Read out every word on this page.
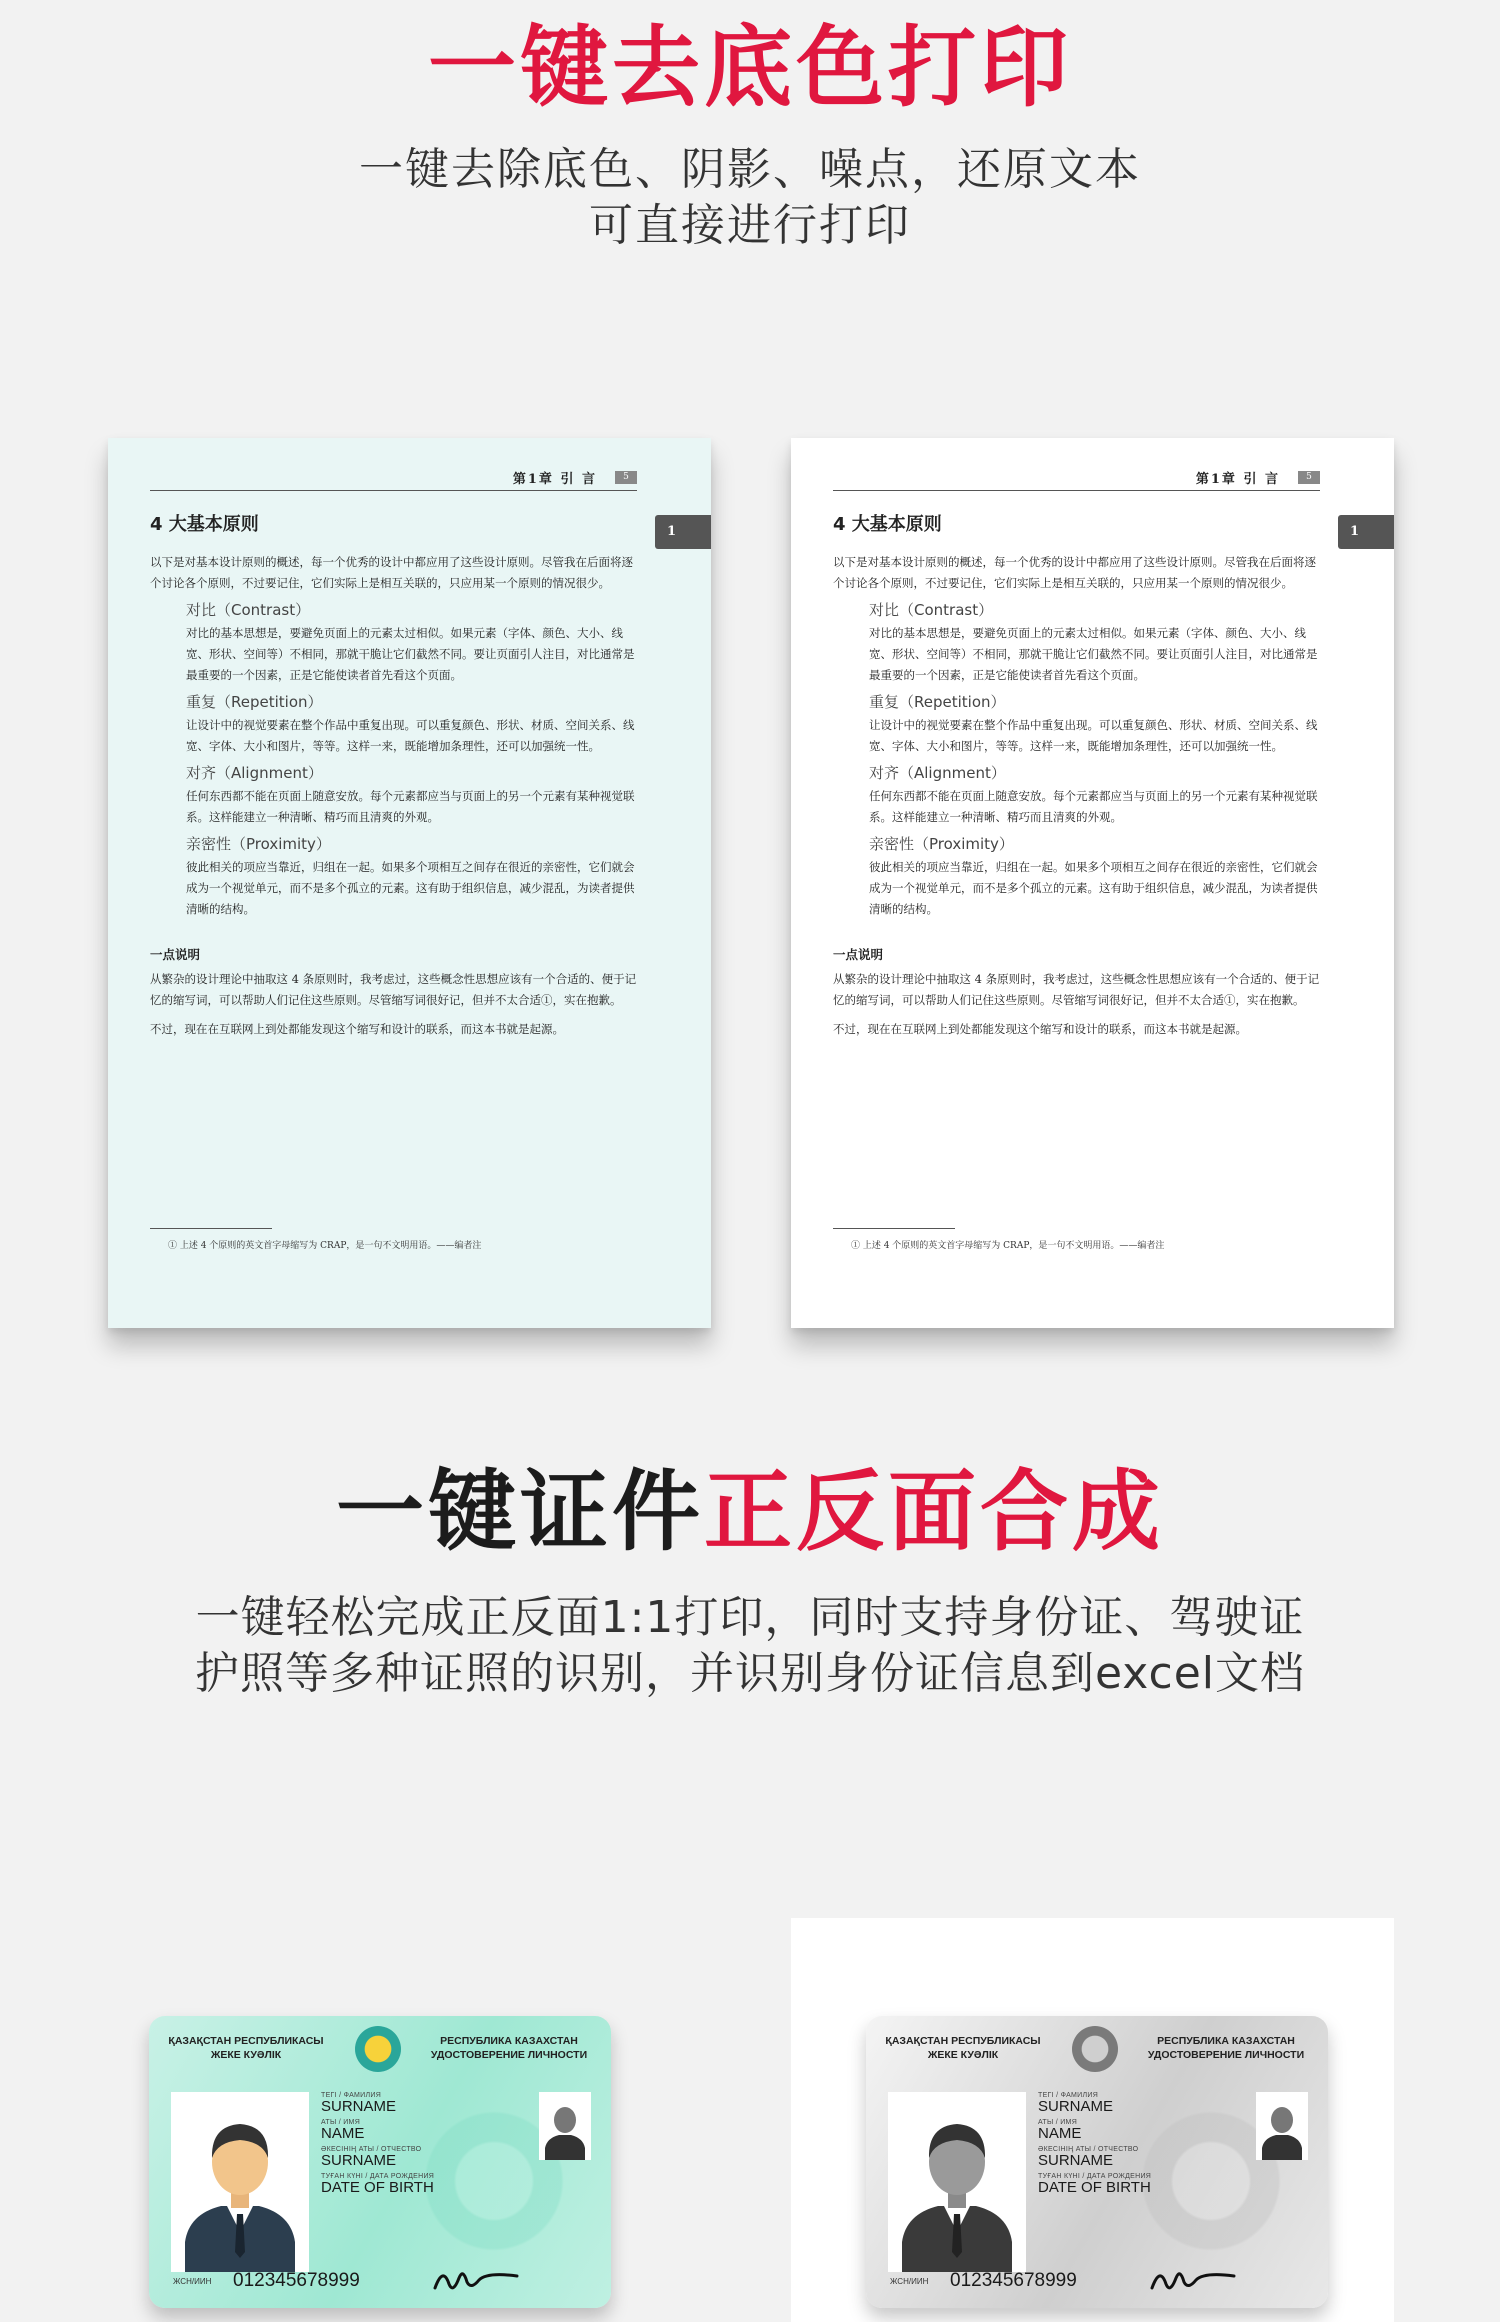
一键去底色打印
一键去除底色、阴影、噪点，还原文本
可直接进行打印
第1章 引 言	5
1
4 大基本原则

以下是对基本设计原则的概述，每一个优秀的设计中都应用了这些设计原则。尽管我在后面将逐个讨论各个原则，不过要记住，它们实际上是相互关联的，只应用某一个原则的情况很少。

对比（Contrast）

对比的基本思想是，要避免页面上的元素太过相似。如果元素（字体、颜色、大小、线宽、形状、空间等）不相同，那就干脆让它们截然不同。要让页面引人注目，对比通常是最重要的一个因素，正是它能使读者首先看这个页面。

重复（Repetition）

让设计中的视觉要素在整个作品中重复出现。可以重复颜色、形状、材质、空间关系、线宽、字体、大小和图片，等等。这样一来，既能增加条理性，还可以加强统一性。

对齐（Alignment）

任何东西都不能在页面上随意安放。每个元素都应当与页面上的另一个元素有某种视觉联系。这样能建立一种清晰、精巧而且清爽的外观。

亲密性（Proximity）

彼此相关的项应当靠近，归组在一起。如果多个项相互之间存在很近的亲密性，它们就会成为一个视觉单元，而不是多个孤立的元素。这有助于组织信息，减少混乱，为读者提供清晰的结构。

一点说明

从繁杂的设计理论中抽取这 4 条原则时，我考虑过，这些概念性思想应该有一个合适的、便于记忆的缩写词，可以帮助人们记住这些原则。尽管缩写词很好记，但并不太合适①，实在抱歉。

不过，现在在互联网上到处都能发现这个缩写和设计的联系，而这本书就是起源。

① 上述 4 个原则的英文首字母缩写为 CRAP，是一句不文明用语。——编者注
第1章 引 言	5
1
4 大基本原则

以下是对基本设计原则的概述，每一个优秀的设计中都应用了这些设计原则。尽管我在后面将逐个讨论各个原则，不过要记住，它们实际上是相互关联的，只应用某一个原则的情况很少。

对比（Contrast）

对比的基本思想是，要避免页面上的元素太过相似。如果元素（字体、颜色、大小、线宽、形状、空间等）不相同，那就干脆让它们截然不同。要让页面引人注目，对比通常是最重要的一个因素，正是它能使读者首先看这个页面。

重复（Repetition）

让设计中的视觉要素在整个作品中重复出现。可以重复颜色、形状、材质、空间关系、线宽、字体、大小和图片，等等。这样一来，既能增加条理性，还可以加强统一性。

对齐（Alignment）

任何东西都不能在页面上随意安放。每个元素都应当与页面上的另一个元素有某种视觉联系。这样能建立一种清晰、精巧而且清爽的外观。

亲密性（Proximity）

彼此相关的项应当靠近，归组在一起。如果多个项相互之间存在很近的亲密性，它们就会成为一个视觉单元，而不是多个孤立的元素。这有助于组织信息，减少混乱，为读者提供清晰的结构。

一点说明

从繁杂的设计理论中抽取这 4 条原则时，我考虑过，这些概念性思想应该有一个合适的、便于记忆的缩写词，可以帮助人们记住这些原则。尽管缩写词很好记，但并不太合适①，实在抱歉。

不过，现在在互联网上到处都能发现这个缩写和设计的联系，而这本书就是起源。

① 上述 4 个原则的英文首字母缩写为 CRAP，是一句不文明用语。——编者注
一键证件正反面合成
一键轻松完成正反面1:1打印，同时支持身份证、驾驶证
护照等多种证照的识别，并识别身份证信息到excel文档
ҚАЗАҚСТАН РЕСПУБЛИКАСЫ
ЖЕКЕ КУӘЛІК
РЕСПУБЛИКА КАЗАХСТАН
УДОСТОВЕРЕНИЕ ЛИЧНОСТИ
ТЕГІ / ФАМИЛИЯ
SURNAME
АТЫ / ИМЯ
NAME
ӘКЕСІНІҢ АТЫ / ОТЧЕСТВО
SURNAME
ТУҒАН КҮНІ / ДАТА РОЖДЕНИЯ
DATE OF BIRTH
ЖСН/ИИН 012345678999
ҚАЗАҚСТАН РЕСПУБЛИКАСЫ
ЖЕКЕ КУӘЛІК
РЕСПУБЛИКА КАЗАХСТАН
УДОСТОВЕРЕНИЕ ЛИЧНОСТИ
ТЕГІ / ФАМИЛИЯ
SURNAME
АТЫ / ИМЯ
NAME
ӘКЕСІНІҢ АТЫ / ОТЧЕСТВО
SURNAME
ТУҒАН КҮНІ / ДАТА РОЖДЕНИЯ
DATE OF BIRTH
ЖСН/ИИН 012345678999
